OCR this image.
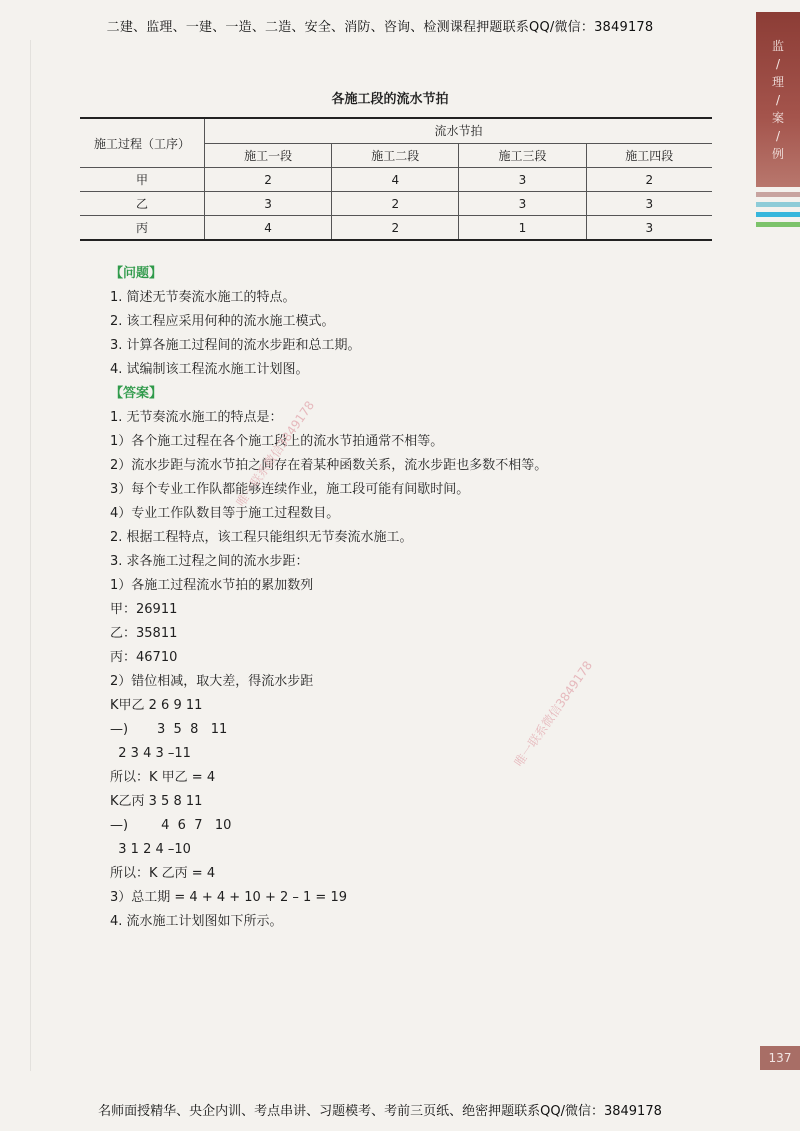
二建、监理、一建、一造、二造、安全、消防、咨询、检测课程押题联系QQ/微信：3849178
监
/
理
/
案
/
例
各施工段的流水节拍
施工过程（工序）	流水节拍			
	施工一段	施工二段	施工三段	施工四段
甲	2	4	3	2
乙	3	2	3	3
丙	4	2	1	3
【问题】
1. 简述无节奏流水施工的特点。
2. 该工程应采用何种的流水施工模式。
3. 计算各施工过程间的流水步距和总工期。
4. 试编制该工程流水施工计划图。
【答案】
1. 无节奏流水施工的特点是：
1）各个施工过程在各个施工段上的流水节拍通常不相等。
2）流水步距与流水节拍之间存在着某种函数关系，流水步距也多数不相等。
3）每个专业工作队都能够连续作业，施工段可能有间歇时间。
4）专业工作队数目等于施工过程数目。
2. 根据工程特点，该工程只能组织无节奏流水施工。
3. 求各施工过程之间的流水步距：
1）各施工过程流水节拍的累加数列
甲：26911
乙：35811
丙：46710
2）错位相减，取大差，得流水步距
K甲乙 2 6 9 11
—)       3  5  8   11
2 3 4 3 –11
所以：K 甲乙 = 4
K乙丙 3 5 8 11
—)        4  6  7   10
3 1 2 4 –10
所以：K 乙丙 = 4
3）总工期 = 4 + 4 + 10 + 2 – 1 = 19
4. 流水施工计划图如下所示。
唯一联系微信3849178
唯一联系微信3849178
137
名师面授精华、央企内训、考点串讲、习题模考、考前三页纸、绝密押题联系QQ/微信：3849178
